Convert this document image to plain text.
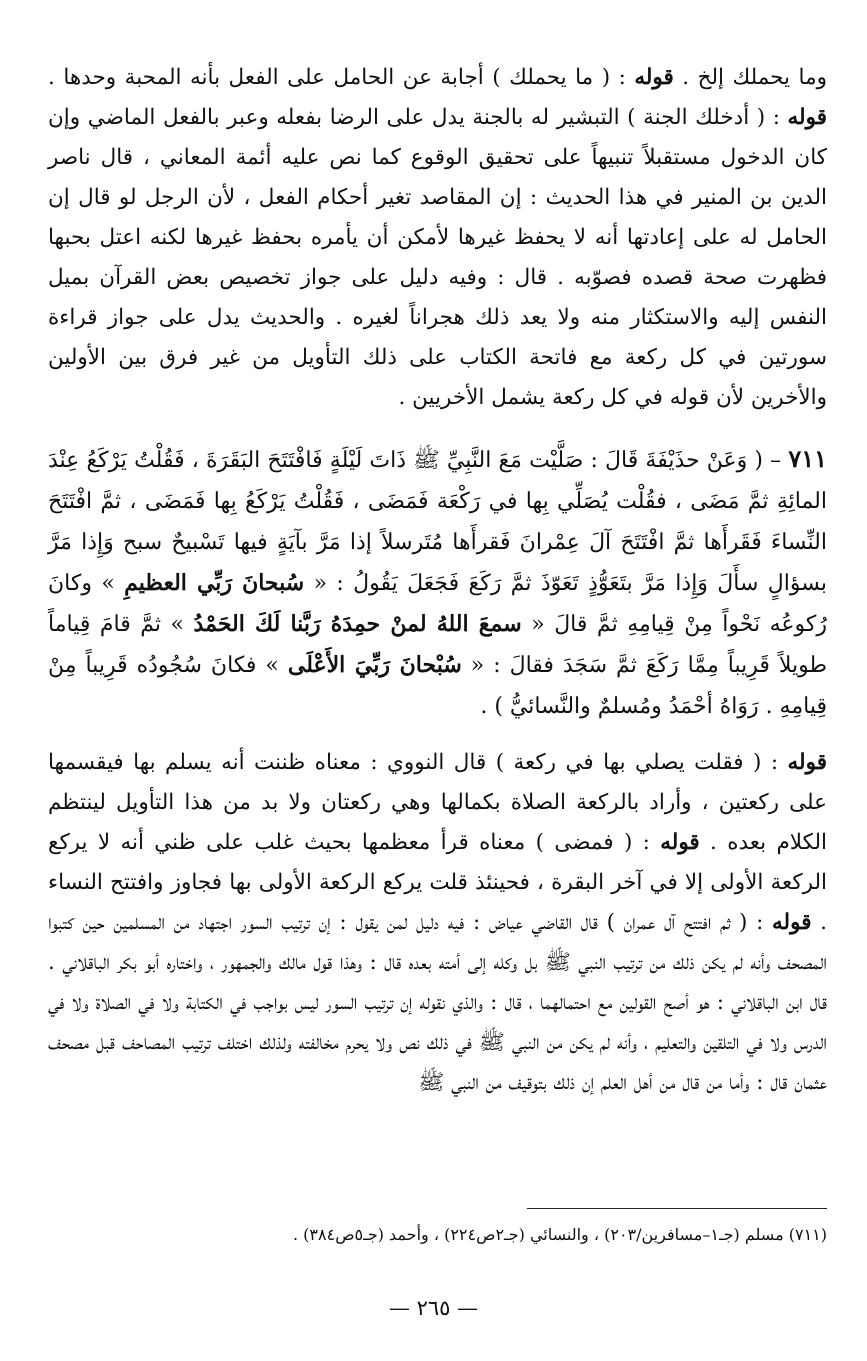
وما يحملك إلخ . قوله : ( ما يحملك ) أجابة عن الحامل على الفعل بأنه المحبة وحدها . قوله : ( أدخلك الجنة ) التبشير له بالجنة يدل على الرضا بفعله وعبر بالفعل الماضي وإن كان الدخول مستقبلاً تنبيهاً على تحقيق الوقوع كما نص عليه أئمة المعاني ، قال ناصر الدين بن المنير في هذا الحديث : إن المقاصد تغير أحكام الفعل ، لأن الرجل لو قال إن الحامل له على إعادتها أنه لا يحفظ غيرها لأمكن أن يأمره بحفظ غيرها لكنه اعتل بحبها فظهرت صحة قصده فصوّبه . قال : وفيه دليل على جواز تخصيص بعض القرآن بميل النفس إليه والاستكثار منه ولا يعد ذلك هجراناً لغيره . والحديث يدل على جواز قراءة سورتين في كل ركعة مع فاتحة الكتاب على ذلك التأويل من غير فرق بين الأولين والأخرين لأن قوله في كل ركعة يشمل الأخريين .

٧١١ – ( وَعَنْ حذَيْفَةَ قَالَ : صَلَّيْت مَعَ النَّبِيِّ ﷺ ذَاتَ لَيْلَةٍ فَافْتَتَحَ البَقَرَةَ ، فَقُلْتُ يَرْكَعُ عِنْدَ المائِةِ ثمَّ مَضَى ، فقُلْت يُصَلِّي بِها في رَكْعَة فَمَضَى ، فَقُلْتُ يَرْكَعُ بِها فَمَضَى ، ثمَّ افْتَتَحَ النِّساءَ فَقَرأَها ثمَّ افْتَتَحَ آلَ عِمْرانَ فَقرأَها مُتَرسلاً إذا مَرَّ بآيَةٍ فيها تَسْبيحٌ سبح وَإِذا مَرَّ بسؤالٍ سأَلَ وَإِذا مَرَّ بتَعَوُّذٍ تَعَوّذَ ثمَّ رَكَعَ فَجَعَلَ يَقُولُ : « سُبحانَ رَبِّي العظيمِ » وكانَ رُكوعُه نَحْواً مِنْ قِيامِهِ ثمَّ قالَ « سمعَ اللهُ لمنْ حمِدَهُ رَبَّنا لَكَ الحَمْدُ » ثمَّ قامَ قِياماً طويلاً قَرِيباً مِمَّا رَكَعَ ثمَّ سَجَدَ فقالَ : « سُبْحانَ رَبِّيَ الأَعْلَى » فكانَ سُجُودُه قَرِيباً مِنْ قِيامِهِ . رَوَاهُ أحْمَدُ ومُسلمٌ والنَّسائيُّ ) .

قوله : ( فقلت يصلي بها في ركعة ) قال النووي : معناه ظننت أنه يسلم بها فيقسمها على ركعتين ، وأراد بالركعة الصلاة بكمالها وهي ركعتان ولا بد من هذا التأويل لينتظم الكلام بعده . قوله : ( فمضى ) معناه قرأ معظمها بحيث غلب على ظني أنه لا يركع الركعة الأولى إلا في آخر البقرة ، فحينئذ قلت يركع الركعة الأولى بها فجاوز وافتتح النساء . قوله : ( ثم افتتح آل عمران ) قال القاضي عياض : فيه دليل لمن يقول : إن ترتيب السور اجتهاد من المسلمين حين كتبوا المصحف وأنه لم يكن ذلك من ترتيب النبي ﷺ بل وكله إلى أمته بعده قال : وهذا قول مالك والجمهور ، واختاره أبو بكر الباقلاني . قال ابن الباقلاني : هو أصح القولين مع احتمالهما ، قال : والذي نقوله إن ترتيب السور ليس بواجب في الكتابة ولا في الصلاة ولا في الدرس ولا في التلقين والتعليم ، وأنه لم يكن من النبي ﷺ في ذلك نص ولا يحرم مخالفته ولذلك اختلف ترتيب المصاحف قبل مصحف عثمان قال : وأما من قال من أهل العلم إن ذلك بتوقيف من النبي ﷺ

(٧١١) مسلم (جـ١–مسافرين/٢٠٣) ، والنسائي (جـ٢ص٢٢٤) ، وأحمد (جـ٥ص٣٨٤) .

— ٢٦٥ —
